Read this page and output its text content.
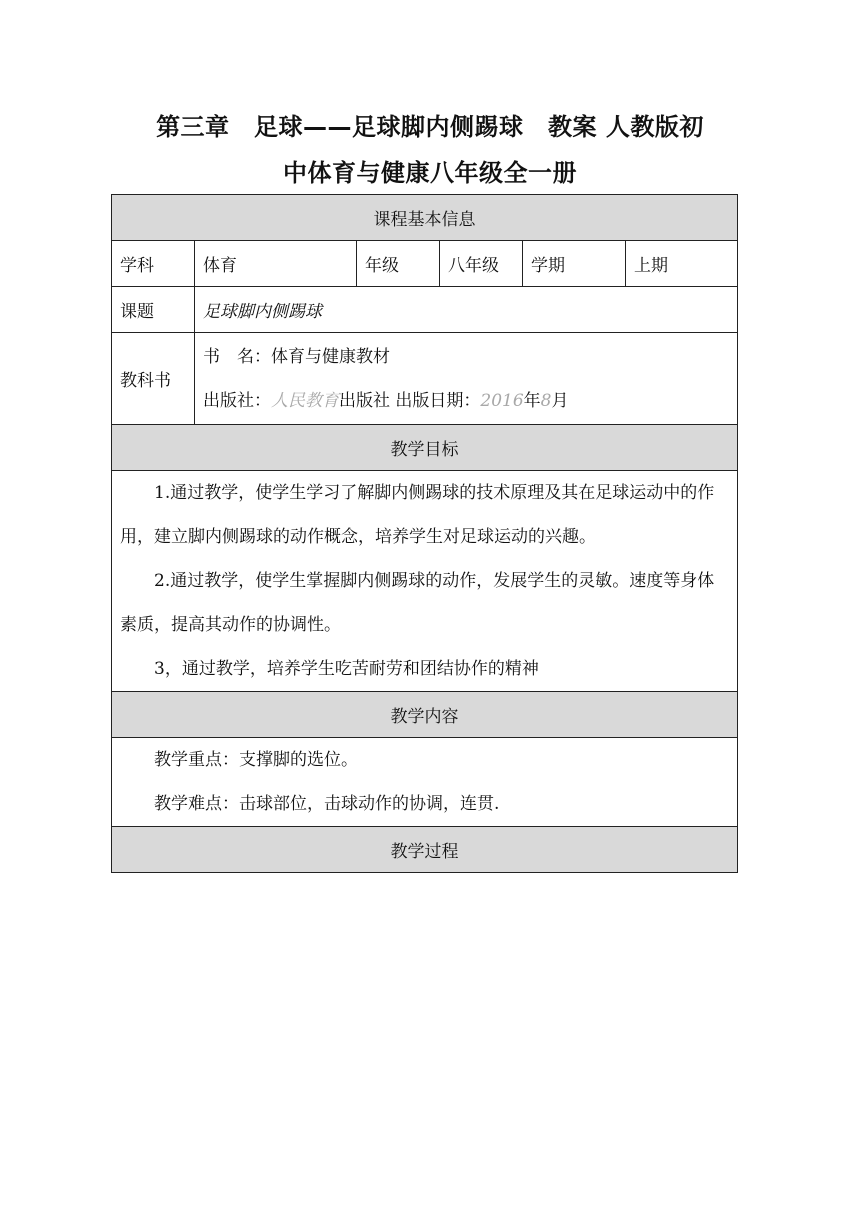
第三章　足球——足球脚内侧踢球　教案 人教版初
中体育与健康八年级全一册
课程基本信息					
学科	体育	年级	八年级	学期	上期
课题	足球脚内侧踢球				
教科书	书　名：体育与健康教材
出版社：人民教育出版社 出版日期：2016年8月				

教学目标					

1.通过教学，使学生学习了解脚内侧踢球的技术原理及其在足球运动中的作用，建立脚内侧踢球的动作概念，培养学生对足球运动的兴趣。
2.通过教学，使学生掌握脚内侧踢球的动作，发展学生的灵敏。速度等身体素质，提高其动作的协调性。
3，通过教学，培养学生吃苦耐劳和团结协作的精神					

教学内容					

教学重点：支撑脚的选位。
教学难点：击球部位，击球动作的协调，连贯.					

教学过程					
